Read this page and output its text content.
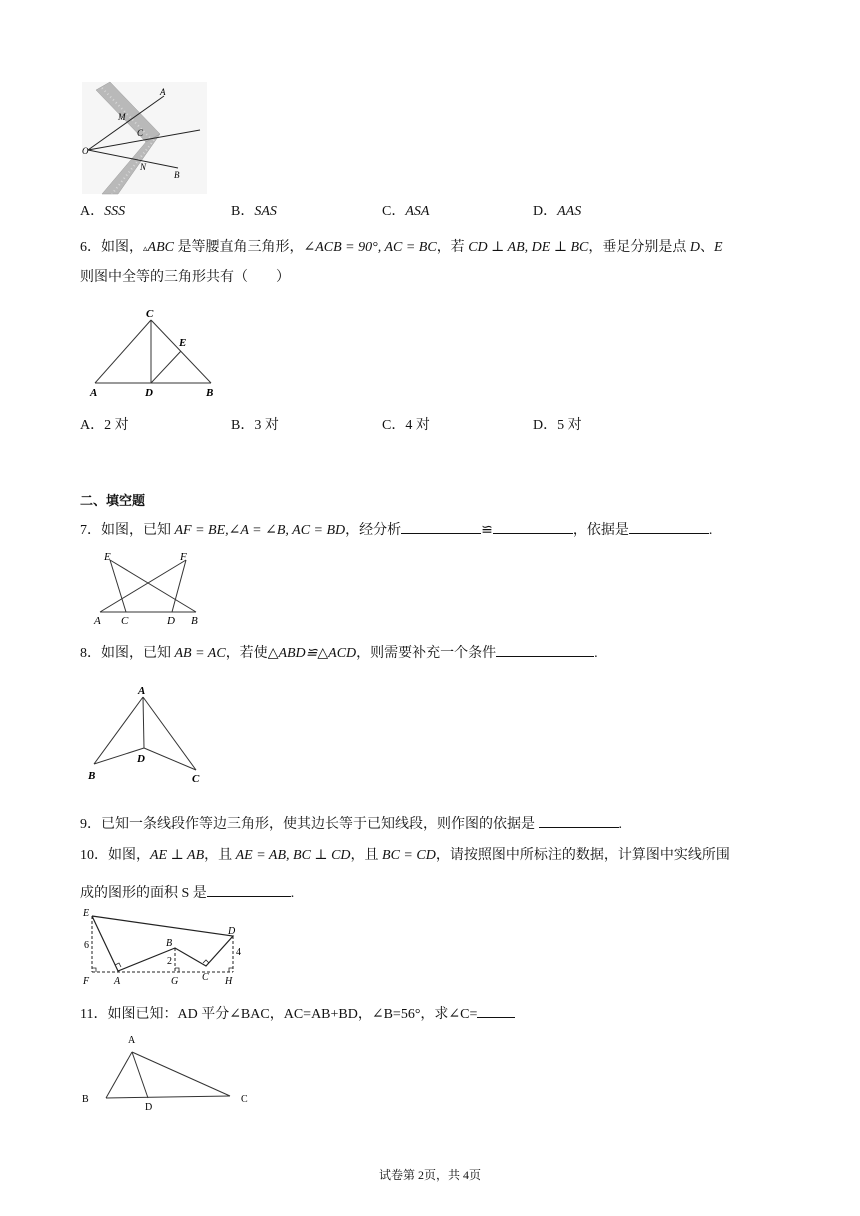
A
M
C
O
N
B
A．SSS	B．SAS	C．ASA	D．AAS
6．如图，▵ABC 是等腰直角三角形，∠ACB = 90°, AC = BC，若 CD ⊥ AB, DE ⊥ BC，垂足分别是点 D、E
则图中全等的三角形共有（　　）
C
E
A	D	B
A．2 对	B．3 对	C．4 对	D．5 对
二、填空题
7．如图，已知 AF = BE,∠A = ∠B, AC = BD，经分析	≌	，依据是	.
E	F
A C	D B
8．如图，已知 AB = AC，若使△ABD≌△ACD，则需要补充一个条件	.
A
B
D
C
9．已知一条线段作等边三角形，使其边长等于已知线段，则作图的依据是	.
10．如图，AE ⊥ AB，且 AE = AB, BC ⊥ CD，且 BC = CD，请按照图中所标注的数据，计算图中实线所围
成的图形的面积 S 是	.
E
D
B
6
2
4
F A	G C H
11．如图已知：AD 平分∠BAC，AC=AB+BD，∠B=56°，求∠C=
A
B
D
C
试卷第 2页，共 4页
